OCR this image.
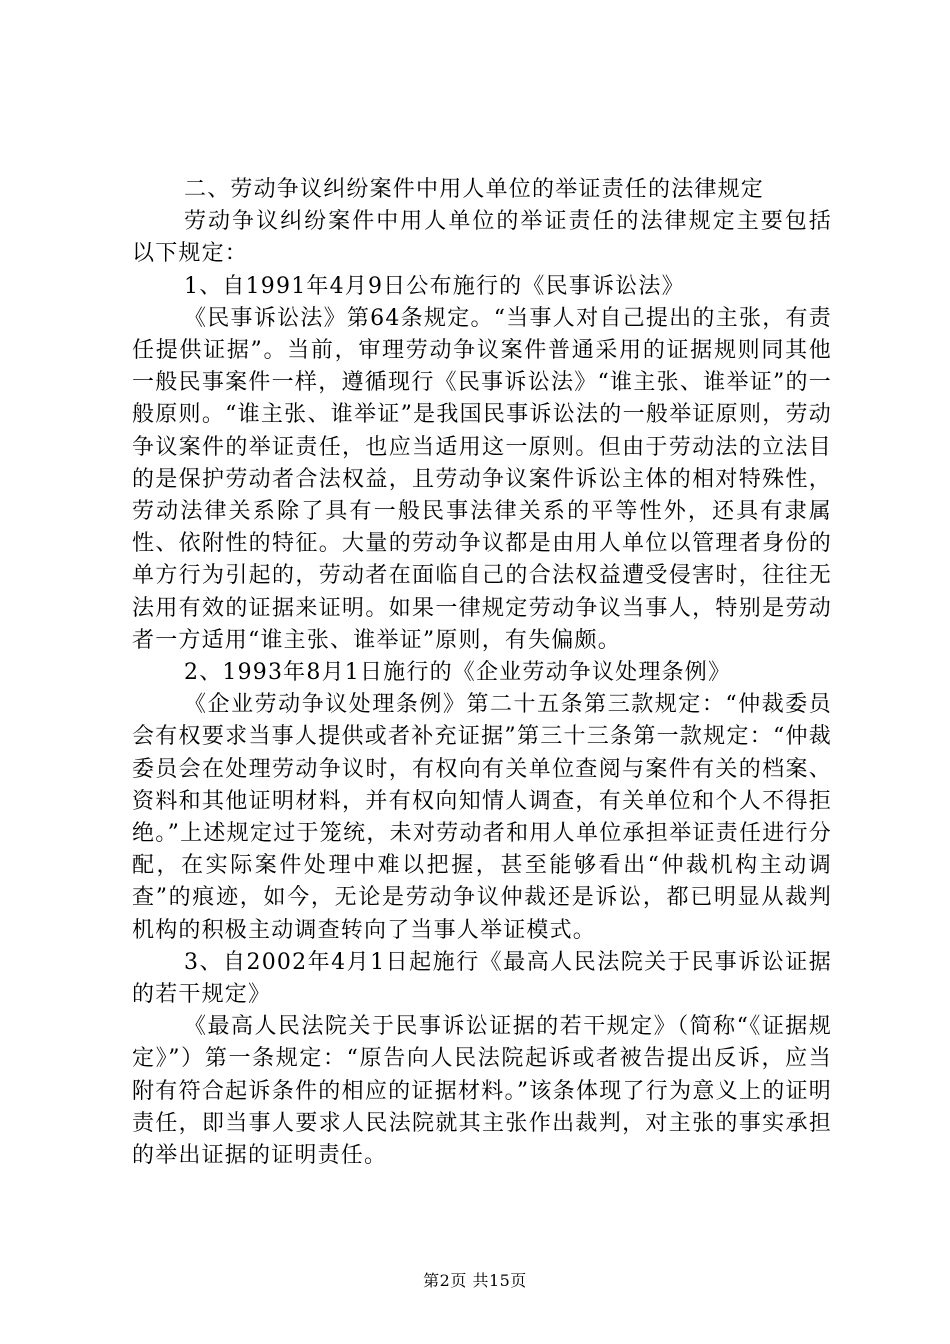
二、劳动争议纠纷案件中用人单位的举证责任的法律规定

劳动争议纠纷案件中用人单位的举证责任的法律规定主要包括以下规定：

1、自1991年4月9日公布施行的《民事诉讼法》

《民事诉讼法》第64条规定。“当事人对自己提出的主张，有责任提供证据”。当前，审理劳动争议案件普通采用的证据规则同其他一般民事案件一样，遵循现行《民事诉讼法》“谁主张、谁举证”的一般原则。“谁主张、谁举证”是我国民事诉讼法的一般举证原则，劳动争议案件的举证责任，也应当适用这一原则。但由于劳动法的立法目的是保护劳动者合法权益，且劳动争议案件诉讼主体的相对特殊性，劳动法律关系除了具有一般民事法律关系的平等性外，还具有隶属性、依附性的特征。大量的劳动争议都是由用人单位以管理者身份的单方行为引起的，劳动者在面临自己的合法权益遭受侵害时，往往无法用有效的证据来证明。如果一律规定劳动争议当事人，特别是劳动者一方适用“谁主张、谁举证”原则，有失偏颇。

2、1993年8月1日施行的《企业劳动争议处理条例》

《企业劳动争议处理条例》第二十五条第三款规定：“仲裁委员会有权要求当事人提供或者补充证据”第三十三条第一款规定：“仲裁委员会在处理劳动争议时，有权向有关单位查阅与案件有关的档案、资料和其他证明材料，并有权向知情人调查，有关单位和个人不得拒绝。”上述规定过于笼统，未对劳动者和用人单位承担举证责任进行分配，在实际案件处理中难以把握，甚至能够看出“仲裁机构主动调查”的痕迹，如今，无论是劳动争议仲裁还是诉讼，都已明显从裁判机构的积极主动调查转向了当事人举证模式。

3、自2002年4月1日起施行《最高人民法院关于民事诉讼证据的若干规定》

《最高人民法院关于民事诉讼证据的若干规定》（简称“《证据规定》”）第一条规定：“原告向人民法院起诉或者被告提出反诉，应当附有符合起诉条件的相应的证据材料。”该条体现了行为意义上的证明责任，即当事人要求人民法院就其主张作出裁判，对主张的事实承担的举出证据的证明责任。

第2页 共15页
